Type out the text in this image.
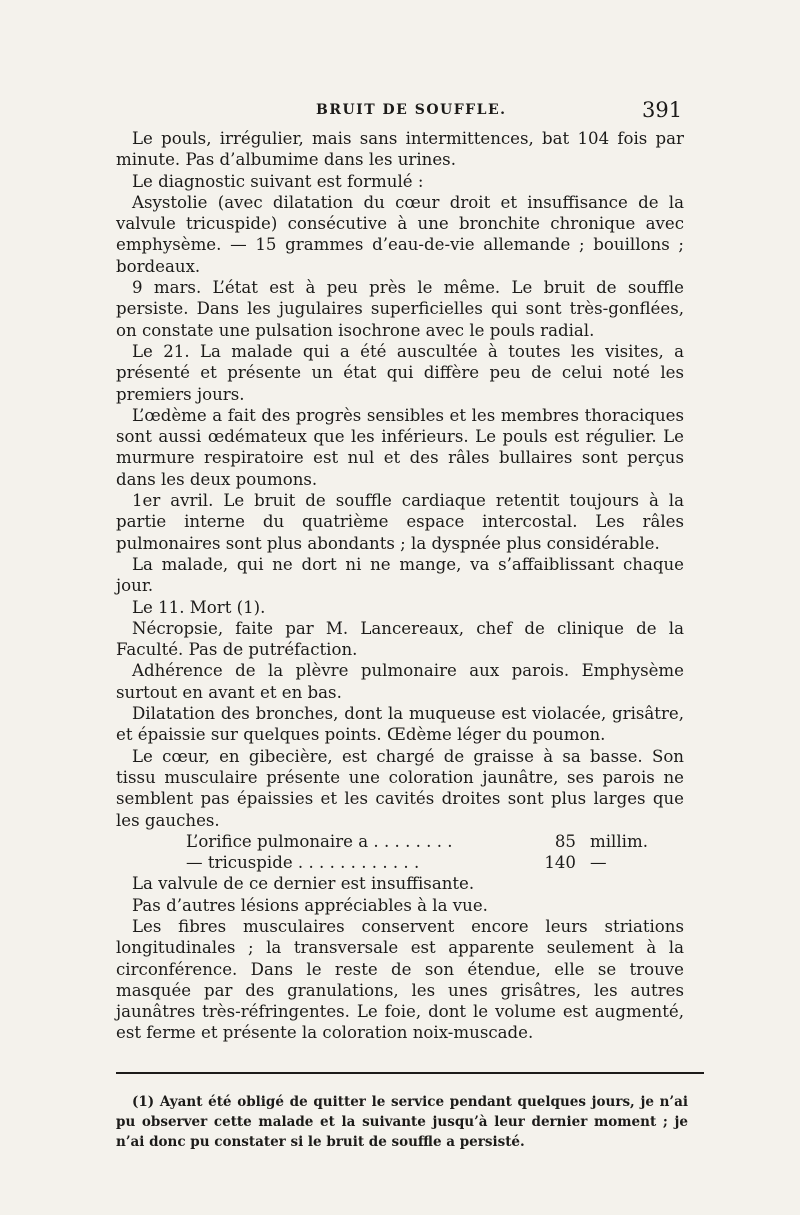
BRUIT DE SOUFFLE.	391

Le pouls, irrégulier, mais sans intermittences, bat 104 fois par minute. Pas d’albumime dans les urines.

Le diagnostic suivant est formulé :

Asystolie (avec dilatation du cœur droit et insuffisance de la valvule tricuspide) consécutive à une bronchite chronique avec emphysème. — 15 grammes d’eau-de-vie allemande ; bouillons ; bordeaux.

9 mars. L’état est à peu près le même. Le bruit de souffle persiste. Dans les jugulaires superficielles qui sont très-gonflées, on constate une pulsation isochrone avec le pouls radial.

Le 21. La malade qui a été auscultée à toutes les visites, a présenté et présente un état qui diffère peu de celui noté les premiers jours.

L’œdème a fait des progrès sensibles et les membres thoraciques sont aussi œdémateux que les inférieurs. Le pouls est régulier. Le murmure respiratoire est nul et des râles bullaires sont perçus dans les deux poumons.

1er avril. Le bruit de souffle cardiaque retentit toujours à la partie interne du quatrième espace intercostal. Les râles pulmonaires sont plus abondants ; la dyspnée plus considérable.

La malade, qui ne dort ni ne mange, va s’affaiblissant chaque jour.

Le 11. Mort (1).

Nécropsie, faite par M. Lancereaux, chef de clinique de la Faculté. Pas de putréfaction.

Adhérence de la plèvre pulmonaire aux parois. Emphysème surtout en avant et en bas.

Dilatation des bronches, dont la muqueuse est violacée, grisâtre, et épaissie sur quelques points. Œdème léger du poumon.

Le cœur, en gibecière, est chargé de graisse à sa basse. Son tissu musculaire présente une coloration jaunâtre, ses parois ne semblent pas épaissies et les cavités droites sont plus larges que les gauches.

L’orifice pulmonaire a . . . . . . . .	85 millim.
— tricuspide . . . . . . . . . . . .	140 —

La valvule de ce dernier est insuffisante.

Pas d’autres lésions appréciables à la vue.

Les fibres musculaires conservent encore leurs striations longitudinales ; la transversale est apparente seulement à la circonférence. Dans le reste de son étendue, elle se trouve masquée par des granulations, les unes grisâtres, les autres jaunâtres très-réfringentes. Le foie, dont le volume est augmenté, est ferme et présente la coloration noix-muscade.

(1) Ayant été obligé de quitter le service pendant quelques jours, je n’ai pu observer cette malade et la suivante jusqu’à leur dernier moment ; je n’ai donc pu constater si le bruit de souffle a persisté.
